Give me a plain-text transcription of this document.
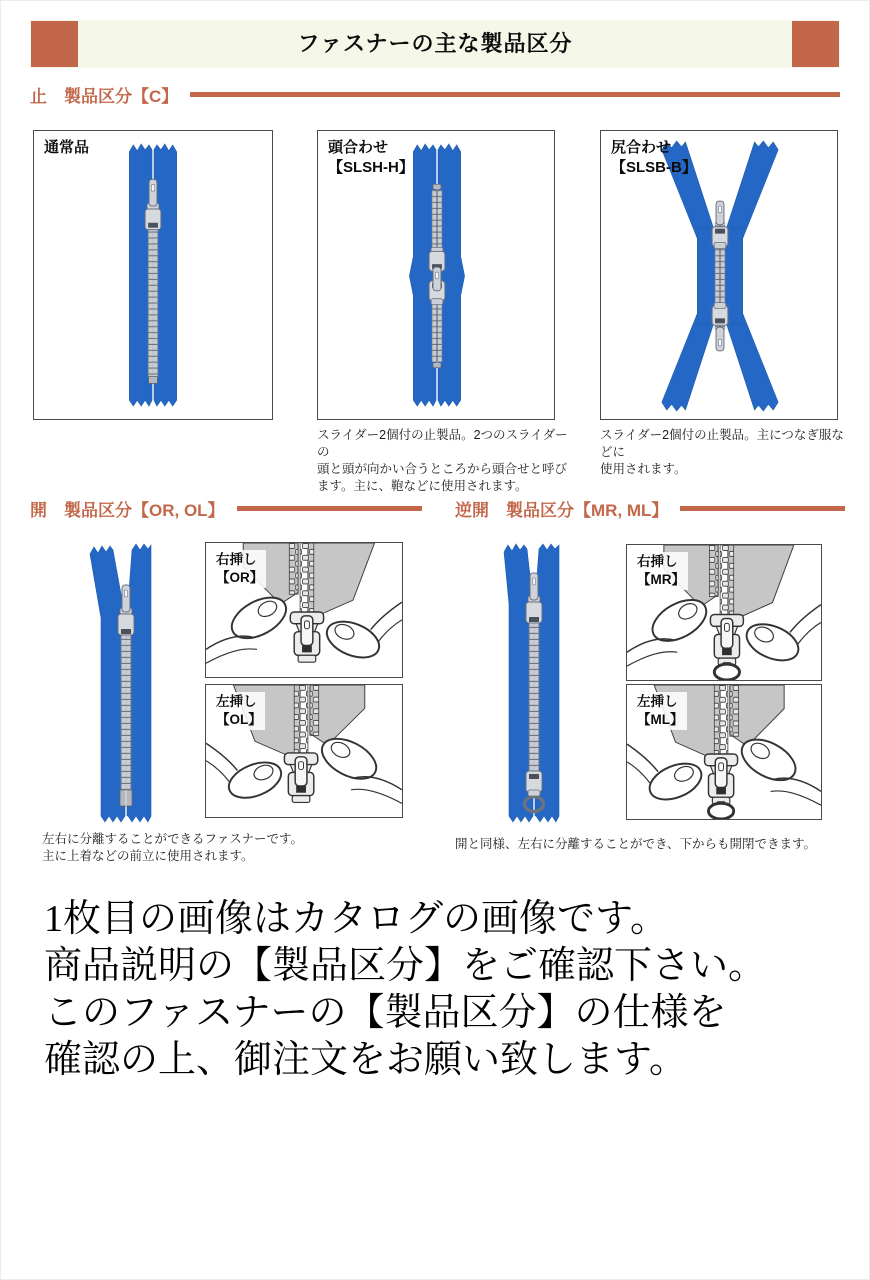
ファスナーの主な製品区分
止　製品区分【C】
通常品	頭合わせ
【SLSH-H】
尻合わせ
【SLSB-B】
スライダー2個付の止製品。2つのスライダーの
頭と頭が向かい合うところから頭合せと呼び
ます。主に、鞄などに使用されます。
スライダー2個付の止製品。主につなぎ服などに
使用されます。
開　製品区分【OR, OL】	逆開　製品区分【MR, ML】
右挿し
【OR】
左挿し
【OL】
左右に分離することができるファスナーです。
主に上着などの前立に使用されます。
右挿し
【MR】
左挿し
【ML】
開と同様、左右に分離することができ、下からも開閉できます。
1枚目の画像はカタログの画像です。
商品説明の【製品区分】をご確認下さい。
このファスナーの【製品区分】の仕様を
確認の上、御注文をお願い致します。
